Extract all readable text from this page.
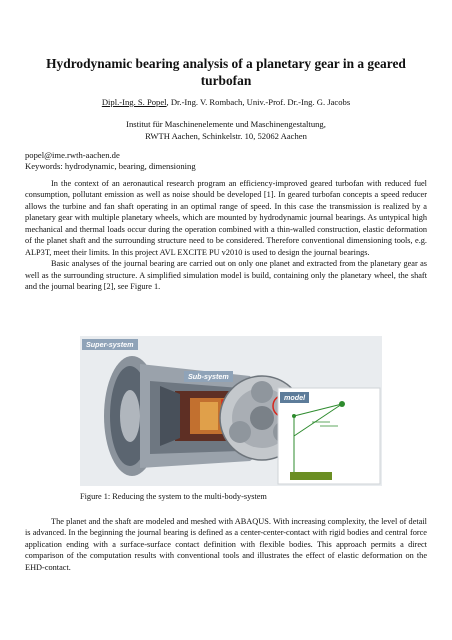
Hydrodynamic bearing analysis of a planetary gear in a geared turbofan
Dipl.-Ing. S. Popel, Dr.-Ing. V. Rombach, Univ.-Prof. Dr.-Ing. G. Jacobs
Institut für Maschinenelemente und Maschinengestaltung,
RWTH Aachen, Schinkelstr. 10, 52062 Aachen
popel@ime.rwth-aachen.de
Keywords: hydrodynamic, bearing, dimensioning

In the context of an aeronautical research program an efficiency-improved geared turbofan with reduced fuel consumption, pollutant emission as well as noise should be developed [1]. In geared turbofan concepts a speed reducer allows the turbine and fan shaft operating in an optimal range of speed. In this case the transmission is realized by a planetary gear with multiple planetary wheels, which are mounted by hydrodynamic journal bearings. As untypical high mechanical and thermal loads occur during the operation combined with a thin-walled construction, elastic deformation of the planet shaft and the surrounding structure need to be considered. Therefore conventional dimensioning tools, e.g. ALP3T, meet their limits. In this project AVL EXCITE PU v2010 is used to design the journal bearings.

Basic analyses of the journal bearing are carried out on only one planet and extracted from the planetary gear as well as the surrounding structure. A simplified simulation model is build, containing only the planetary wheel, the shaft and the journal bearing [2], see Figure 1.

Super-system
Sub-system
model
Figure 1: Reducing the system to the multi-body-system

The planet and the shaft are modeled and meshed with ABAQUS. With increasing complexity, the level of detail is advanced. In the beginning the journal bearing is defined as a center-center-contact with rigid bodies and central force application ending with a surface-surface contact definition with flexible bodies. This approach permits a direct comparison of the computation results with conventional tools and illustrates the effect of elastic deformation on the EHD-contact.
